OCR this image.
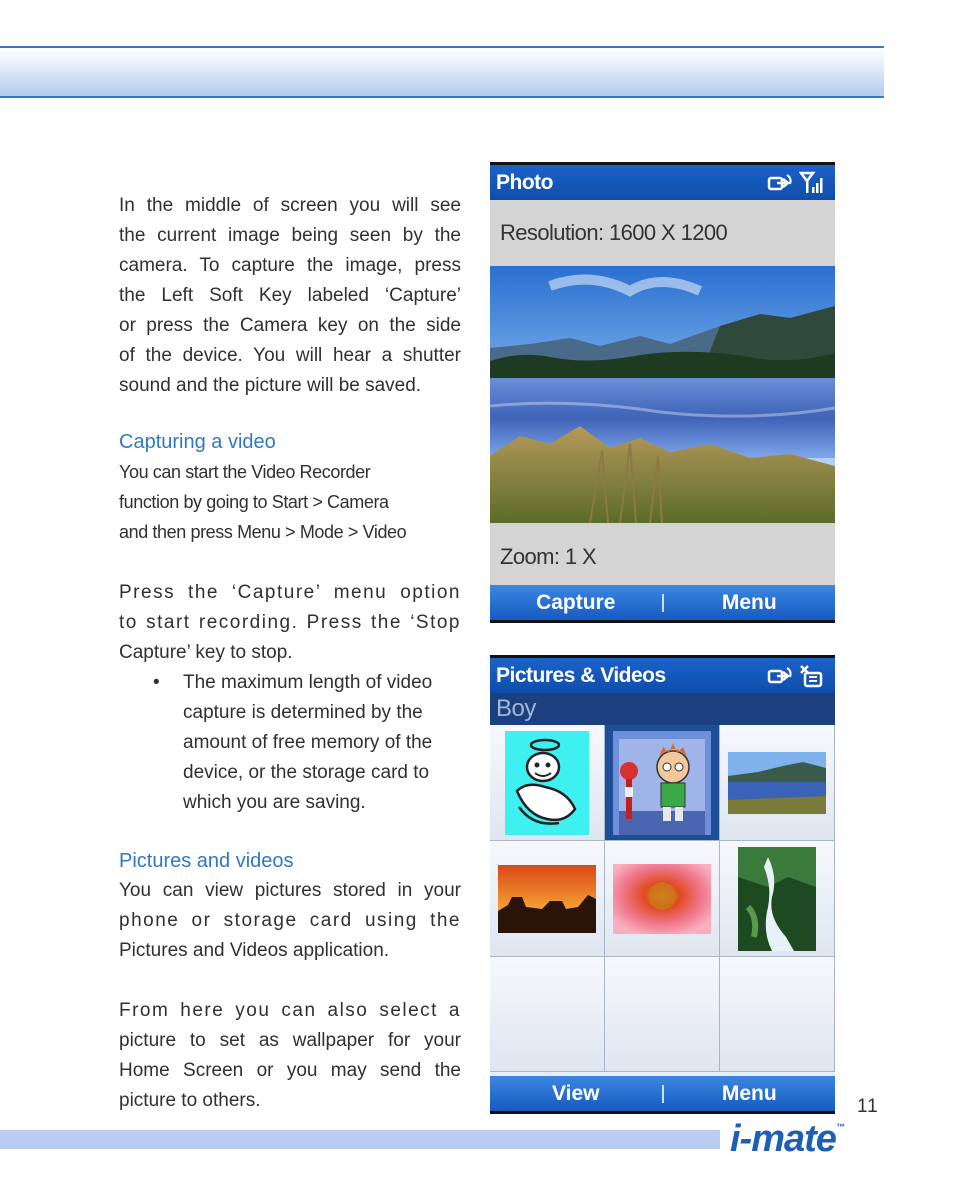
In the middle of screen you will see
the current image being seen by the
camera. To capture the image, press
the Left Soft Key labeled ‘Capture’
or press the Camera key on the side
of the device. You will hear a shutter
sound and the picture will be saved.
Capturing a video
You can start the Video Recorder
function by going to Start > Camera
and then press Menu > Mode > Video
Press the ‘Capture’ menu option
to start recording. Press the ‘Stop
Capture’ key to stop.
• The maximum length of video
capture is determined by the
amount of free memory of the
device, or the storage card to
which you are saving.
Pictures and videos
You can view pictures stored in your
phone or storage card using the
Pictures and Videos application.
From here you can also select a
picture to set as wallpaper for your
Home Screen or you may send the
picture to others.
Photo
Resolution: 1600 X 1200
Zoom: 1 X
Capture	Menu
Pictures & Videos
Boy
View	Menu
11
i-mate™
